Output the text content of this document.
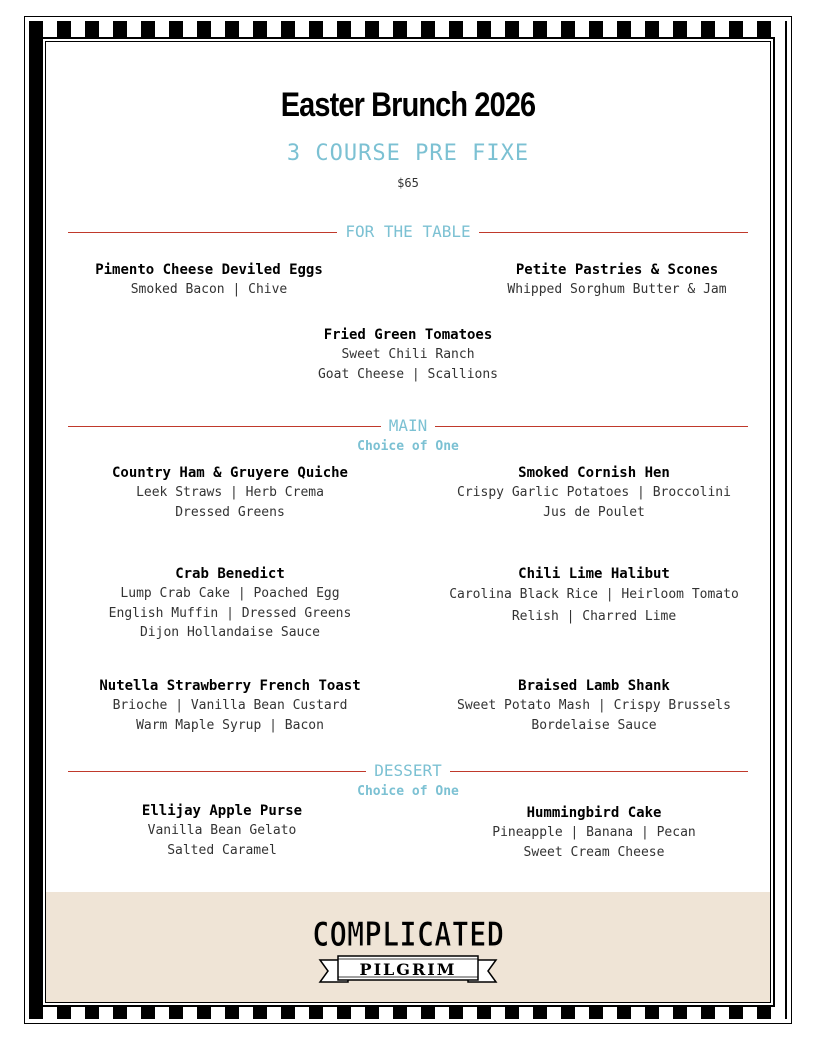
Easter Brunch 2026
3 COURSE PRE FIXE
$65
FOR THE TABLE
Pimento Cheese Deviled Eggs
Smoked Bacon | Chive
Petite Pastries & Scones
Whipped Sorghum Butter & Jam
Fried Green Tomatoes
Sweet Chili Ranch
Goat Cheese | Scallions
MAIN
Choice of One
Country Ham & Gruyere Quiche
Leek Straws | Herb Crema
Dressed Greens
Smoked Cornish Hen
Crispy Garlic Potatoes | Broccolini
Jus de Poulet
Crab Benedict
Lump Crab Cake | Poached Egg
English Muffin | Dressed Greens
Dijon Hollandaise Sauce
Chili Lime Halibut
Carolina Black Rice | Heirloom Tomato
Relish | Charred Lime
Nutella Strawberry French Toast
Brioche | Vanilla Bean Custard
Warm Maple Syrup | Bacon
Braised Lamb Shank
Sweet Potato Mash | Crispy Brussels
Bordelaise Sauce
DESSERT
Choice of One
Ellijay Apple Purse
Vanilla Bean Gelato
Salted Caramel
Hummingbird Cake
Pineapple | Banana | Pecan
Sweet Cream Cheese
COMPLICATED
COMPLICATED
PILGRIM
